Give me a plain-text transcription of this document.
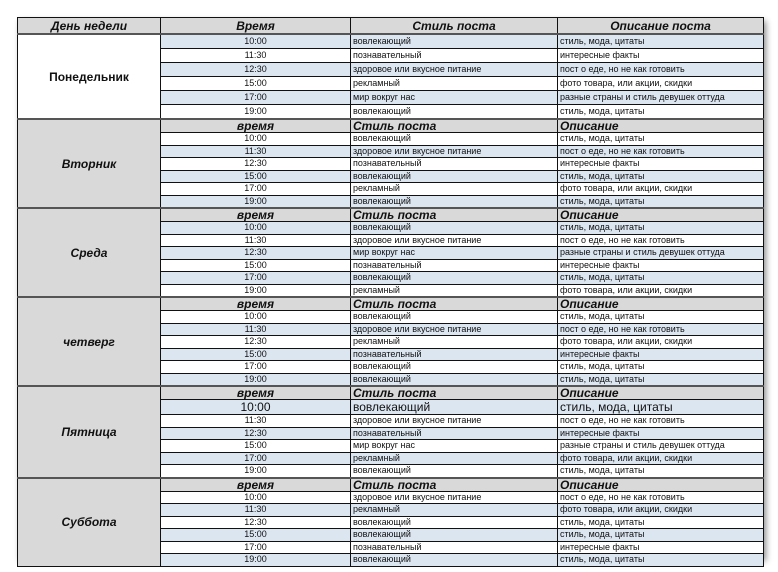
День недели	Время	Стиль поста	Описание поста
Понедельник	10:00	вовлекающий	стиль, мода, цитаты
	11:30	познавательный	интересные факты
	12:30	здоровое или вкусное питание	пост о еде, но не как готовить
	15:00	рекламный	фото товара, или акции, скидки
	17:00	мир вокруг нас	разные страны и стиль девушек оттуда
	19:00	вовлекающий	стиль, мода, цитаты
Вторник	время	Стиль поста	Описание
	10:00	вовлекающий	стиль, мода, цитаты
	11:30	здоровое или вкусное питание	пост о еде, но не как готовить
	12:30	познавательный	интересные факты
	15:00	вовлекающий	стиль, мода, цитаты
	17:00	рекламный	фото товара, или акции, скидки
	19:00	вовлекающий	стиль, мода, цитаты
Среда	время	Стиль поста	Описание
	10:00	вовлекающий	стиль, мода, цитаты
	11:30	здоровое или вкусное питание	пост о еде, но не как готовить
	12:30	мир вокруг нас	разные страны и стиль девушек оттуда
	15:00	познавательный	интересные факты
	17:00	вовлекающий	стиль, мода, цитаты
	19:00	рекламный	фото товара, или акции, скидки
четверг	время	Стиль поста	Описание
	10:00	вовлекающий	стиль, мода, цитаты
	11:30	здоровое или вкусное питание	пост о еде, но не как готовить
	12:30	рекламный	фото товара, или акции, скидки
	15:00	познавательный	интересные факты
	17:00	вовлекающий	стиль, мода, цитаты
	19:00	вовлекающий	стиль, мода, цитаты
Пятница	время	Стиль поста	Описание
	10:00	вовлекающий	стиль, мода, цитаты
	11:30	здоровое или вкусное питание	пост о еде, но не как готовить
	12:30	познавательный	интересные факты
	15:00	мир вокруг нас	разные страны и стиль девушек оттуда
	17:00	рекламный	фото товара, или акции, скидки
	19:00	вовлекающий	стиль, мода, цитаты
Суббота	время	Стиль поста	Описание
	10:00	здоровое или вкусное питание	пост о еде, но не как готовить
	11:30	рекламный	фото товара, или акции, скидки
	12:30	вовлекающий	стиль, мода, цитаты
	15:00	вовлекающий	стиль, мода, цитаты
	17:00	познавательный	интересные факты
	19:00	вовлекающий	стиль, мода, цитаты
